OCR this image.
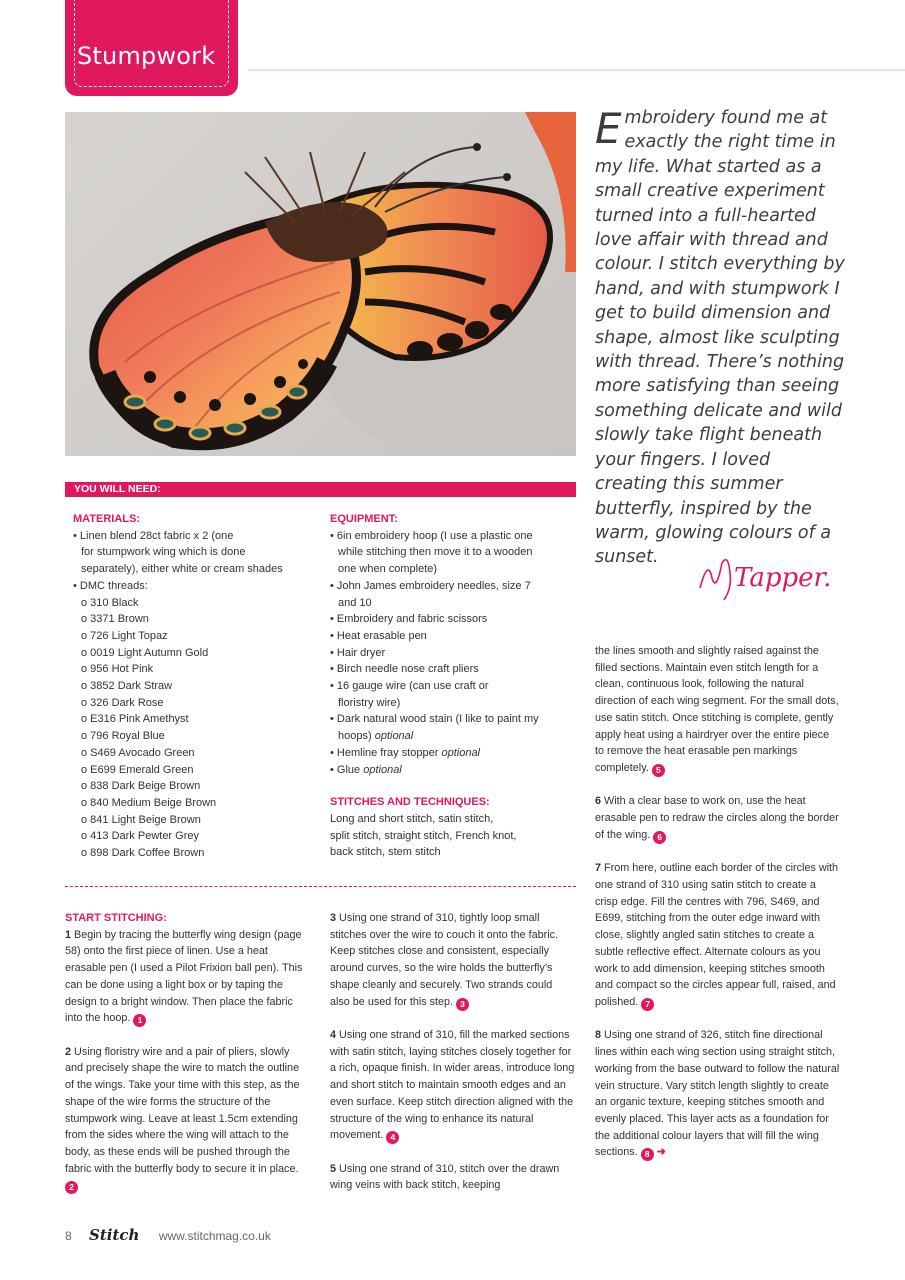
Stumpwork
Embroidery found me at exactly the right time in my life. What started as a small creative experiment turned into a full-hearted love affair with thread and colour. I stitch everything by hand, and with stumpwork I get to build dimension and shape, almost like sculpting with thread. There’s nothing more satisfying than seeing something delicate and wild slowly take flight beneath your fingers. I loved creating this summer butterfly, inspired by the warm, glowing colours of a sunset.
Tapper.
YOU WILL NEED:
MATERIALS:
• Linen blend 28ct fabric x 2 (one
for stumpwork wing which is done
separately), either white or cream shades
• DMC threads:
o 310 Black
o 3371 Brown
o 726 Light Topaz
o 0019 Light Autumn Gold
o 956 Hot Pink
o 3852 Dark Straw
o 326 Dark Rose
o E316 Pink Amethyst
o 796 Royal Blue
o S469 Avocado Green
o E699 Emerald Green
o 838 Dark Beige Brown
o 840 Medium Beige Brown
o 841 Light Beige Brown
o 413 Dark Pewter Grey
o 898 Dark Coffee Brown
EQUIPMENT:
• 6in embroidery hoop (I use a plastic one
while stitching then move it to a wooden
one when complete)
• John James embroidery needles, size 7
and 10
• Embroidery and fabric scissors
• Heat erasable pen
• Hair dryer
• Birch needle nose craft pliers
• 16 gauge wire (can use craft or
floristry wire)
• Dark natural wood stain (I like to paint my
hoops) optional
• Hemline fray stopper optional
• Glue optional
STITCHES AND TECHNIQUES:
Long and short stitch, satin stitch,
split stitch, straight stitch, French knot,
back stitch, stem stitch
START STITCHING:

1 Begin by tracing the butterfly wing design (page 58) onto the first piece of linen. Use a heat erasable pen (I used a Pilot Frixion ball pen). This can be done using a light box or by taping the design to a bright window. Then place the fabric into the hoop. 1

2 Using floristry wire and a pair of pliers, slowly and precisely shape the wire to match the outline of the wings. Take your time with this step, as the shape of the wire forms the structure of the stumpwork wing. Leave at least 1.5cm extending from the sides where the wing will attach to the body, as these ends will be pushed through the fabric with the butterfly body to secure it in place. 2

3 Using one strand of 310, tightly loop small stitches over the wire to couch it onto the fabric. Keep stitches close and consistent, especially around curves, so the wire holds the butterfly’s shape cleanly and securely. Two strands could also be used for this step. 3

4 Using one strand of 310, fill the marked sections with satin stitch, laying stitches closely together for a rich, opaque finish. In wider areas, introduce long and short stitch to maintain smooth edges and an even surface. Keep stitch direction aligned with the structure of the wing to enhance its natural movement. 4

5 Using one strand of 310, stitch over the drawn wing veins with back stitch, keeping

the lines smooth and slightly raised against the filled sections. Maintain even stitch length for a clean, continuous look, following the natural direction of each wing segment. For the small dots, use satin stitch. Once stitching is complete, gently apply heat using a hairdryer over the entire piece to remove the heat erasable pen markings completely. 5

6 With a clear base to work on, use the heat erasable pen to redraw the circles along the border of the wing. 6

7 From here, outline each border of the circles with one strand of 310 using satin stitch to create a crisp edge. Fill the centres with 796, S469, and E699, stitching from the outer edge inward with close, slightly angled satin stitches to create a subtle reflective effect. Alternate colours as you work to add dimension, keeping stitches smooth and compact so the circles appear full, raised, and polished. 7

8 Using one strand of 326, stitch fine directional lines within each wing section using straight stitch, working from the base outward to follow the natural vein structure. Vary stitch length slightly to create an organic texture, keeping stitches smooth and evenly placed. This layer acts as a foundation for the additional colour layers that will fill the wing sections. 8 ➜

8 Stitch www.stitchmag.co.uk
